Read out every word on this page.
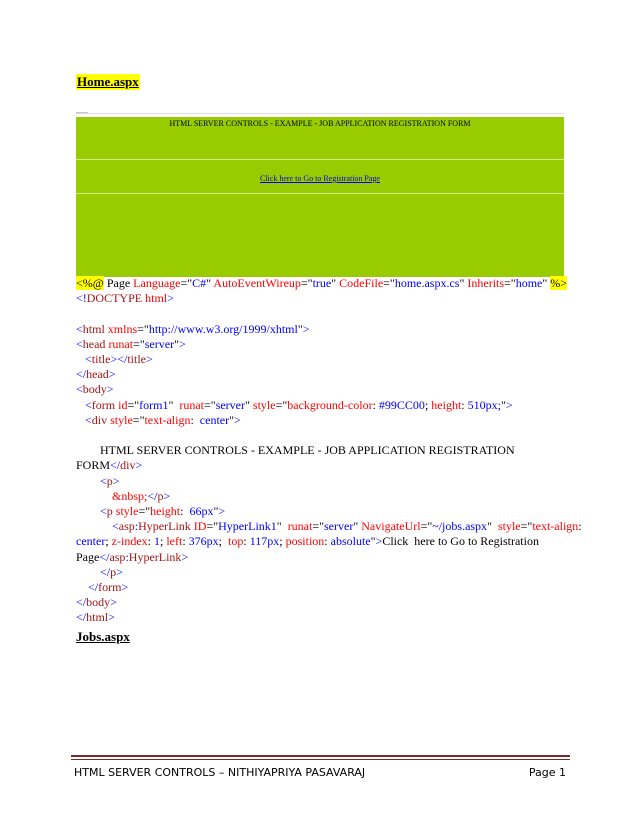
Home.aspx
HTML SERVER CONTROLS - EXAMPLE - JOB APPLICATION REGISTRATION FORM
Click here to Go to Registration Page
<%@ Page Language="C#" AutoEventWireup="true" CodeFile="home.aspx.cs" Inherits="home" %>
<!DOCTYPE html>
<html xmlns="http://www.w3.org/1999/xhtml">
<head runat="server">
<title></title>
</head>
<body>
<form id="form1"  runat="server" style="background-color: #99CC00; height: 510px;">
<div style="text-align:  center">
HTML SERVER CONTROLS - EXAMPLE - JOB APPLICATION REGISTRATION
FORM</div>
<p>
&nbsp;</p>
<p style="height:  66px">
<asp:HyperLink ID="HyperLink1"  runat="server" NavigateUrl="~/jobs.aspx"  style="text-align:
center; z-index: 1; left: 376px;  top: 117px; position: absolute">Click  here to Go to Registration
Page</asp:HyperLink>
</p>
</form>
</body>
</html>
Jobs.aspx
HTML SERVER CONTROLS – NITHIYAPRIYA PASAVARAJ	Page 1
